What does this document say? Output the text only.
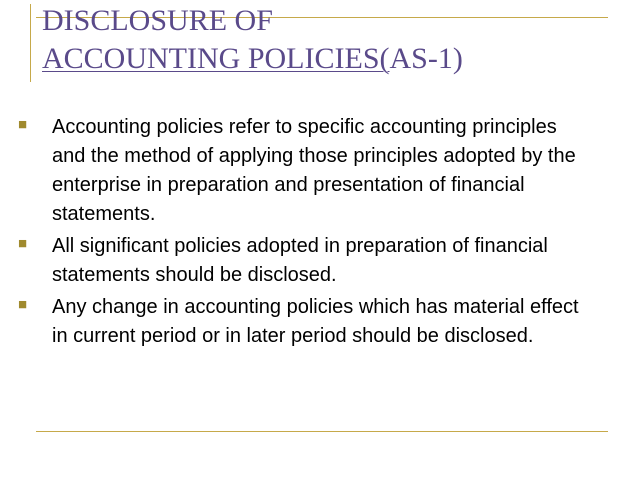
DISCLOSURE OF
ACCOUNTING POLICIES(AS-1)
■ Accounting policies refer to specific accounting principles and the method of applying those principles adopted by the enterprise in preparation and presentation of financial statements.
■ All significant policies adopted in preparation of financial statements should be disclosed.
■ Any change in accounting policies which has material effect in current period or in later period should be disclosed.
